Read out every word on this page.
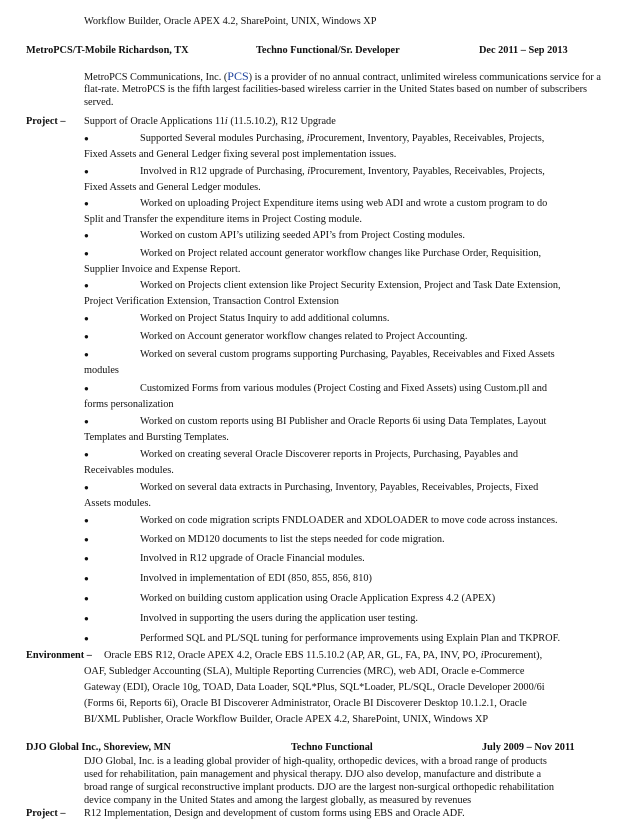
Workflow Builder, Oracle APEX 4.2, SharePoint, UNIX, Windows XP
MetroPCS/T-Mobile Richardson, TX	Techno Functional/Sr. Developer	Dec 2011 – Sep 2013
MetroPCS Communications, Inc. (PCS) is a provider of no annual contract, unlimited wireless communications service for a flat-rate. MetroPCS is the fifth largest facilities-based wireless carrier in the United States based on number of subscribers served.
Project – Support of Oracle Applications 11i (11.5.10.2), R12 Upgrade
●	Supported Several modules Purchasing, iProcurement, Inventory, Payables, Receivables, Projects,
Fixed Assets and General Ledger fixing several post implementation issues.
●	Involved in R12 upgrade of Purchasing, iProcurement, Inventory, Payables, Receivables, Projects,
Fixed Assets and General Ledger modules.
●	Worked on uploading Project Expenditure items using web ADI and wrote a custom program to do
Split and Transfer the expenditure items in Project Costing module.
●	Worked on custom API’s utilizing seeded API’s from Project Costing modules.
●	Worked on Project related account generator workflow changes like Purchase Order, Requisition,
Supplier Invoice and Expense Report.
●	Worked on Projects client extension like Project Security Extension, Project and Task Date Extension,
Project Verification Extension, Transaction Control Extension
●	Worked on Project Status Inquiry to add additional columns.
●	Worked on Account generator workflow changes related to Project Accounting.
●	Worked on several custom programs supporting Purchasing, Payables, Receivables and Fixed Assets
modules
●	Customized Forms from various modules (Project Costing and Fixed Assets) using Custom.pll and
forms personalization
●	Worked on custom reports using BI Publisher and Oracle Reports 6i using Data Templates, Layout
Templates and Bursting Templates.
●	Worked on creating several Oracle Discoverer reports in Projects, Purchasing, Payables and
Receivables modules.
●	Worked on several data extracts in Purchasing, Inventory, Payables, Receivables, Projects, Fixed
Assets modules.
●	Worked on code migration scripts FNDLOADER and XDOLOADER to move code across instances.
●	Worked on MD120 documents to list the steps needed for code migration.
●	Involved in R12 upgrade of Oracle Financial modules.
●	Involved in implementation of EDI (850, 855, 856, 810)
●	Worked on building custom application using Oracle Application Express 4.2 (APEX)
●	Involved in supporting the users during the application user testing.
●	Performed SQL and PL/SQL tuning for performance improvements using Explain Plan and TKPROF.
Environment – Oracle EBS R12, Oracle APEX 4.2, Oracle EBS 11.5.10.2 (AP, AR, GL, FA, PA, INV, PO, iProcurement),
OAF, Subledger Accounting (SLA), Multiple Reporting Currencies (MRC), web ADI, Oracle e-Commerce
Gateway (EDI), Oracle 10g, TOAD, Data Loader, SQL*Plus, SQL*Loader, PL/SQL, Oracle Developer 2000/6i
(Forms 6i, Reports 6i), Oracle BI Discoverer Administrator, Oracle BI Discoverer Desktop 10.1.2.1, Oracle
BI/XML Publisher, Oracle Workflow Builder, Oracle APEX 4.2, SharePoint, UNIX, Windows XP
DJO Global Inc., Shoreview, MN	Techno Functional	July 2009 – Nov 2011
DJO Global, Inc. is a leading global provider of high-quality, orthopedic devices, with a broad range of products
used for rehabilitation, pain management and physical therapy. DJO also develop, manufacture and distribute a
broad range of surgical reconstructive implant products. DJO are the largest non-surgical orthopedic rehabilitation
device company in the United States and among the largest globally, as measured by revenues
Project – R12 Implementation, Design and development of custom forms using EBS and Oracle ADF.
